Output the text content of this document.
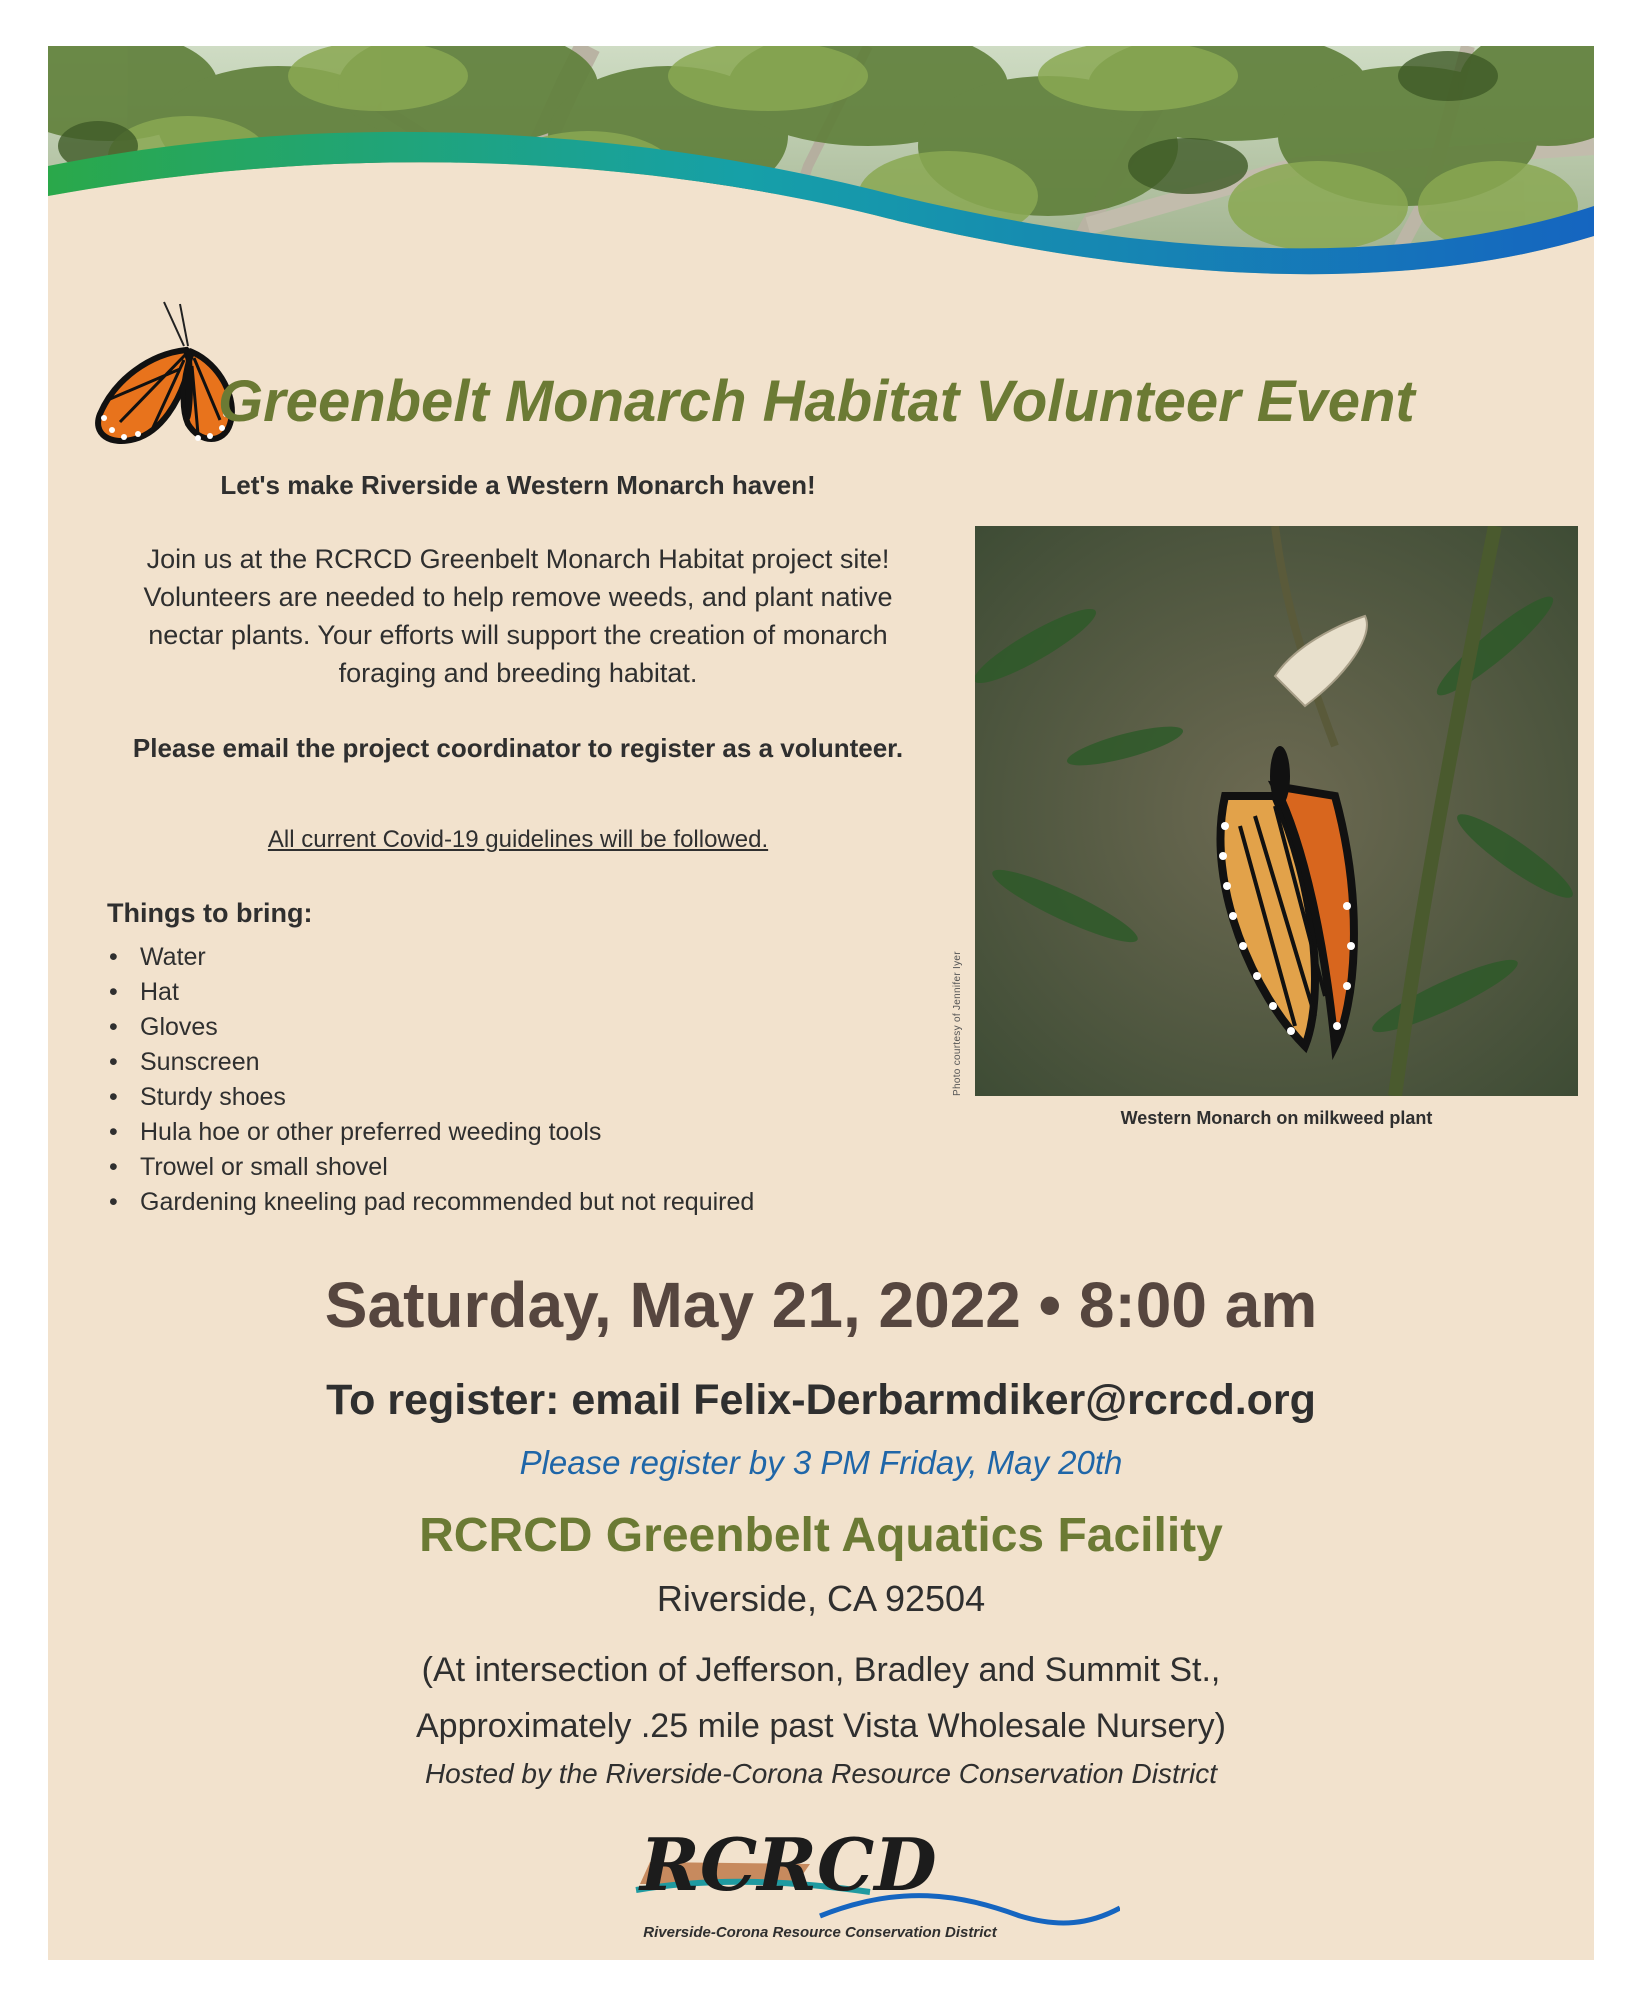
Greenbelt Monarch Habitat Volunteer Event
Let's make Riverside a Western Monarch haven!
Join us at the RCRCD Greenbelt Monarch Habitat project site! Volunteers are needed to help remove weeds, and plant native nectar plants. Your efforts will support the creation of monarch foraging and breeding habitat.
Please email the project coordinator to register as a volunteer.
All current Covid-19 guidelines will be followed.
Things to bring:
• Water
• Hat
• Gloves
• Sunscreen
• Sturdy shoes
• Hula hoe or other preferred weeding tools
• Trowel or small shovel
• Gardening kneeling pad recommended but not required
Photo courtesy of Jennifer Iyer
Western Monarch on milkweed plant
Saturday, May 21, 2022 • 8:00 am
To register: email Felix-Derbarmdiker@rcrcd.org
Please register by 3 PM Friday, May 20th
RCRCD Greenbelt Aquatics Facility
Riverside, CA 92504
(At intersection of Jefferson, Bradley and Summit St.,
Approximately .25 mile past Vista Wholesale Nursery)
Hosted by the Riverside-Corona Resource Conservation District
RCRCD
Riverside-Corona Resource Conservation District
